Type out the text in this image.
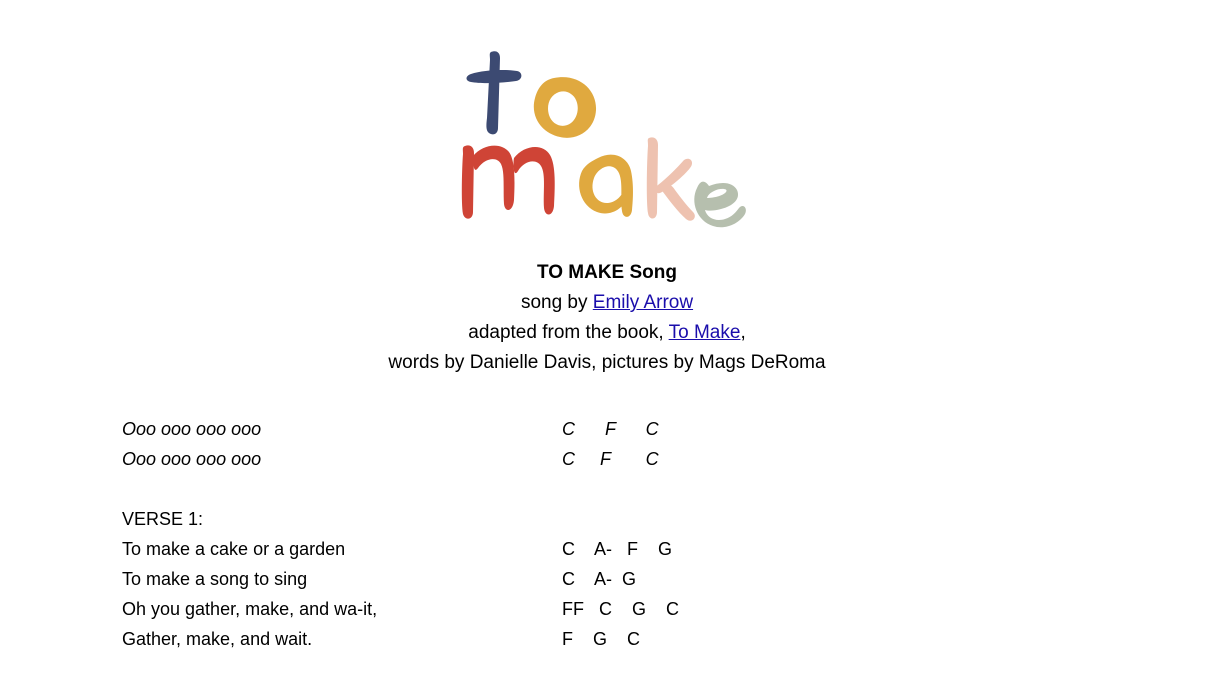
TO MAKE Song
song by Emily Arrow
adapted from the book, To Make,
words by Danielle Davis, pictures by Mags DeRoma
Ooo ooo ooo ooo	C      F      C
Ooo ooo ooo ooo	C     F       C
VERSE 1:
To make a cake or a garden	C    A-   F    G
To make a song to sing	C    A-  G
Oh you gather, make, and wa-it,	FF   C    G    C
Gather, make, and wait.	F    G    C
